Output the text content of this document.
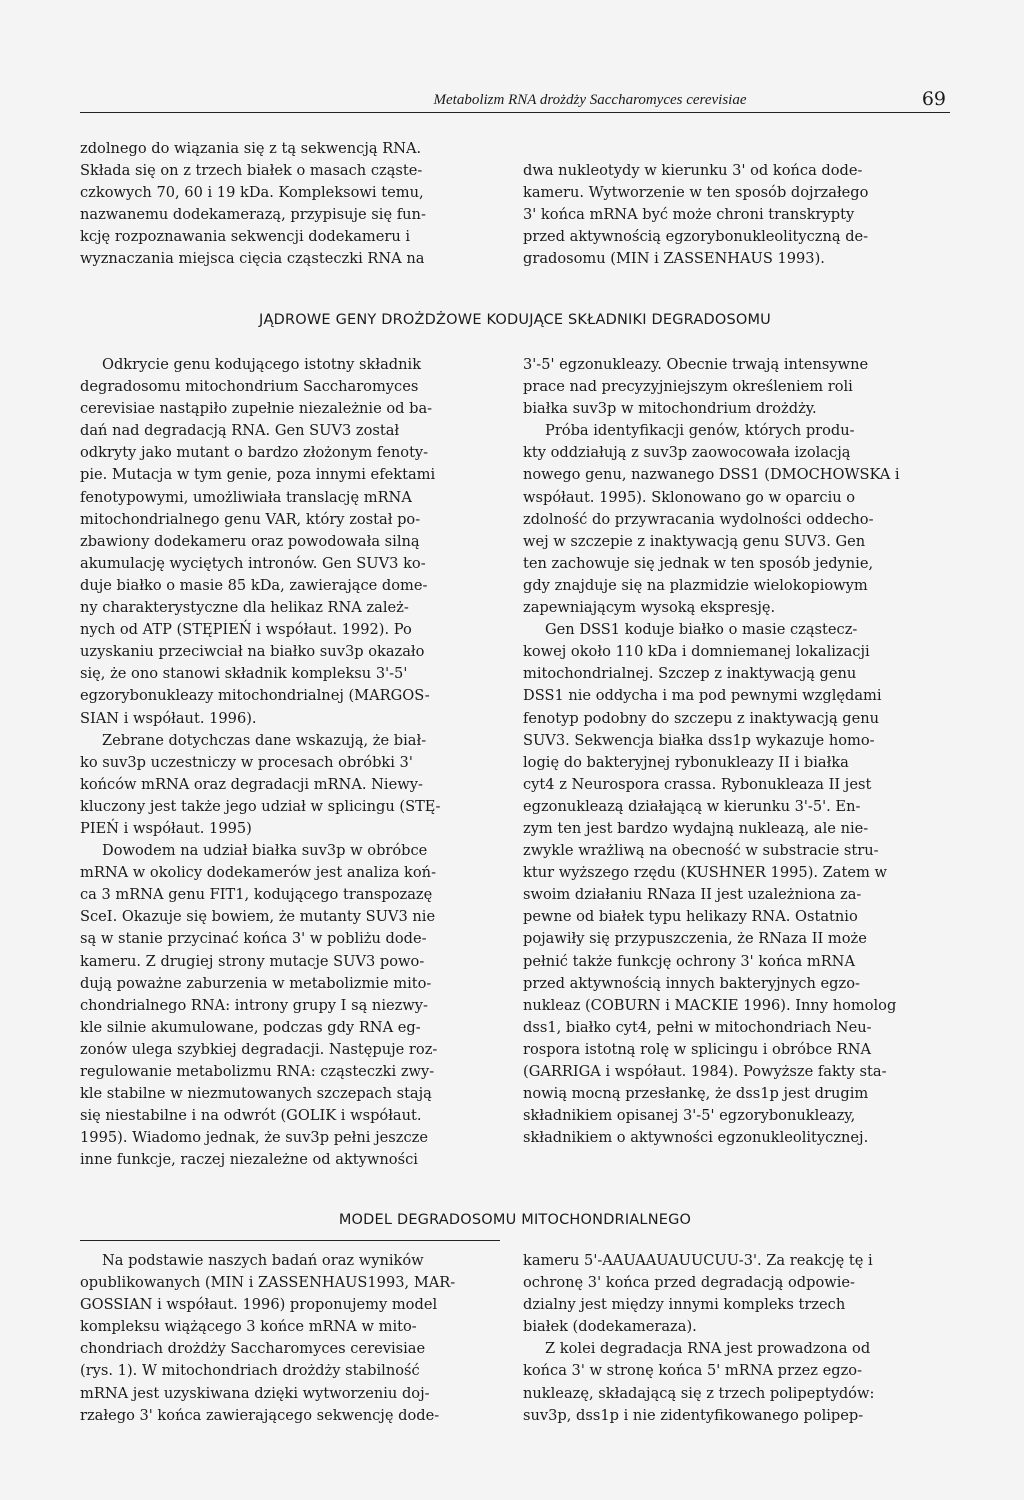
Metabolizm RNA drożdży Saccharomyces cerevisiae	69

zdolnego do wiązania się z tą sekwencją RNA.
Składa się on z trzech białek o masach cząste-
czkowych 70, 60 i 19 kDa. Kompleksowi temu,
nazwanemu dodekamerazą, przypisuje się fun-
kcję rozpoznawania sekwencji dodekameru i
wyznaczania miejsca cięcia cząsteczki RNA na

dwa nukleotydy w kierunku 3' od końca dode-
kameru. Wytworzenie w ten sposób dojrzałego
3' końca mRNA być może chroni transkrypty
przed aktywnością egzorybonukleolityczną de-
gradosomu (MIN i ZASSENHAUS 1993).

JĄDROWE GENY DROŻDŻOWE KODUJĄCE SKŁADNIKI DEGRADOSOMU

Odkrycie genu kodującego istotny składnik
degradosomu mitochondrium Saccharomyces
cerevisiae nastąpiło zupełnie niezależnie od ba-
dań nad degradacją RNA. Gen SUV3 został
odkryty jako mutant o bardzo złożonym fenoty-
pie. Mutacja w tym genie, poza innymi efektami
fenotypowymi, umożliwiała translację mRNA
mitochondrialnego genu VAR, który został po-
zbawiony dodekameru oraz powodowała silną
akumulację wyciętych intronów. Gen SUV3 ko-
duje białko o masie 85 kDa, zawierające dome-
ny charakterystyczne dla helikaz RNA zależ-
nych od ATP (STĘPIEŃ i współaut. 1992). Po
uzyskaniu przeciwciał na białko suv3p okazało
się, że ono stanowi składnik kompleksu 3'-5'
egzorybonukleazy mitochondrialnej (MARGOS-
SIAN i współaut. 1996).

Zebrane dotychczas dane wskazują, że biał-
ko suv3p uczestniczy w procesach obróbki 3'
końców mRNA oraz degradacji mRNA. Niewy-
kluczony jest także jego udział w splicingu (STĘ-
PIEŃ i współaut. 1995)

Dowodem na udział białka suv3p w obróbce
mRNA w okolicy dodekamerów jest analiza koń-
ca 3 mRNA genu FIT1, kodującego transpozazę
SceI. Okazuje się bowiem, że mutanty SUV3 nie
są w stanie przycinać końca 3' w pobliżu dode-
kameru. Z drugiej strony mutacje SUV3 powo-
dują poważne zaburzenia w metabolizmie mito-
chondrialnego RNA: introny grupy I są niezwy-
kle silnie akumulowane, podczas gdy RNA eg-
zonów ulega szybkiej degradacji. Następuje roz-
regulowanie metabolizmu RNA: cząsteczki zwy-
kle stabilne w niezmutowanych szczepach stają
się niestabilne i na odwrót (GOLIK i współaut.
1995). Wiadomo jednak, że suv3p pełni jeszcze
inne funkcje, raczej niezależne od aktywności

3'-5' egzonukleazy. Obecnie trwają intensywne
prace nad precyzyjniejszym określeniem roli
białka suv3p w mitochondrium drożdży.

Próba identyfikacji genów, których produ-
kty oddziałują z suv3p zaowocowała izolacją
nowego genu, nazwanego DSS1 (DMOCHOWSKA i
współaut. 1995). Sklonowano go w oparciu o
zdolność do przywracania wydolności oddecho-
wej w szczepie z inaktywacją genu SUV3. Gen
ten zachowuje się jednak w ten sposób jedynie,
gdy znajduje się na plazmidzie wielokopiowym
zapewniającym wysoką ekspresję.

Gen DSS1 koduje białko o masie cząstecz-
kowej około 110 kDa i domniemanej lokalizacji
mitochondrialnej. Szczep z inaktywacją genu
DSS1 nie oddycha i ma pod pewnymi względami
fenotyp podobny do szczepu z inaktywacją genu
SUV3. Sekwencja białka dss1p wykazuje homo-
logię do bakteryjnej rybonukleazy II i białka
cyt4 z Neurospora crassa. Rybonukleaza II jest
egzonukleazą działającą w kierunku 3'-5'. En-
zym ten jest bardzo wydajną nukleazą, ale nie-
zwykle wrażliwą na obecność w substracie stru-
ktur wyższego rzędu (KUSHNER 1995). Zatem w
swoim działaniu RNaza II jest uzależniona za-
pewne od białek typu helikazy RNA. Ostatnio
pojawiły się przypuszczenia, że RNaza II może
pełnić także funkcję ochrony 3' końca mRNA
przed aktywnością innych bakteryjnych egzo-
nukleaz (COBURN i MACKIE 1996). Inny homolog
dss1, białko cyt4, pełni w mitochondriach Neu-
rospora istotną rolę w splicingu i obróbce RNA
(GARRIGA i współaut. 1984). Powyższe fakty sta-
nowią mocną przesłankę, że dss1p jest drugim
składnikiem opisanej 3'-5' egzorybonukleazy,
składnikiem o aktywności egzonukleolitycznej.

MODEL DEGRADOSOMU MITOCHONDRIALNEGO

Na podstawie naszych badań oraz wyników
opublikowanych (MIN i ZASSENHAUS1993, MAR-
GOSSIAN i współaut. 1996) proponujemy model
kompleksu wiążącego 3 końce mRNA w mito-
chondriach drożdży Saccharomyces cerevisiae
(rys. 1). W mitochondriach drożdży stabilność
mRNA jest uzyskiwana dzięki wytworzeniu doj-
rzałego 3' końca zawierającego sekwencję dode-

kameru 5'-AAUAAUAUUCUU-3'. Za reakcję tę i
ochronę 3' końca przed degradacją odpowie-
dzialny jest między innymi kompleks trzech
białek (dodekameraza).

Z kolei degradacja RNA jest prowadzona od
końca 3' w stronę końca 5' mRNA przez egzo-
nukleazę, składającą się z trzech polipeptydów:
suv3p, dss1p i nie zidentyfikowanego polipep-
